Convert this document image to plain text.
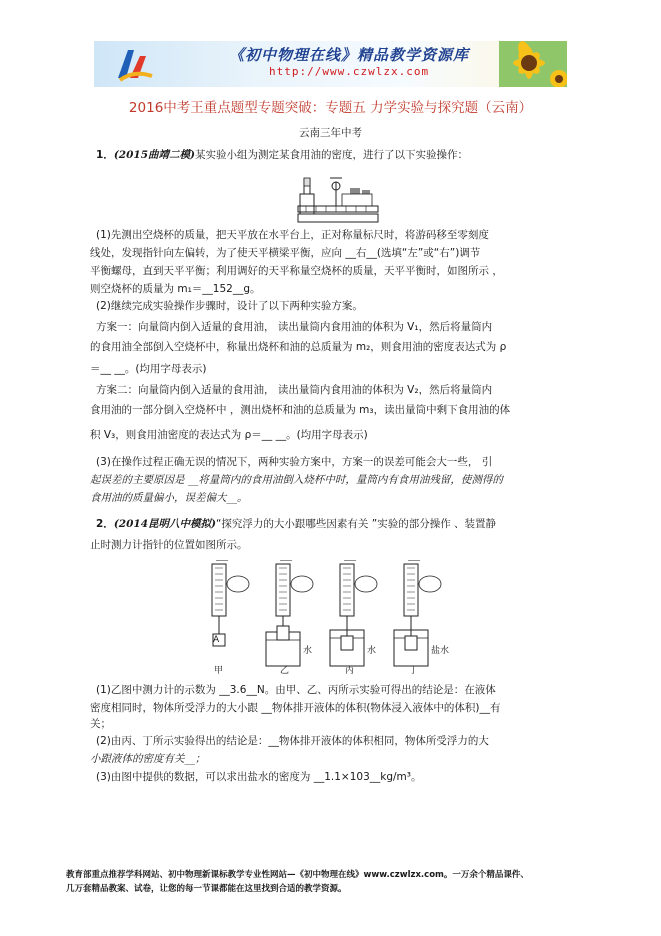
《初中物理在线》精品教学资源库
http://www.czwlzx.com
2016中考王重点题型专题突破：专题五 力学实验与探究题（云南）
云南三年中考
1．(2015曲靖二模)某实验小组为测定某食用油的密度，进行了以下实验操作：
(1)先测出空烧杯的质量，把天平放在水平台上，正对称量标尺时，将游码移至零刻度
线处，发现指针向左偏转，为了使天平横梁平衡，应向 __右__(选填“左”或“右”)调节
平衡螺母，直到天平平衡；利用调好的天平称量空烧杯的质量，天平平衡时，如图所示 ，
则空烧杯的质量为 m₁＝__152__g。
(2)继续完成实验操作步骤时，设计了以下两种实验方案。
方案一：向量筒内倒入适量的食用油， 读出量筒内食用油的体积为 V₁，然后将量筒内
的食用油全部倒入空烧杯中，称量出烧杯和油的总质量为 m₂，则食用油的密度表达式为 ρ
＝__ __。(均用字母表示)
方案二：向量筒内倒入适量的食用油， 读出量筒内食用油的体积为 V₂，然后将量筒内
食用油的一部分倒入空烧杯中 ，测出烧杯和油的总质量为 m₃，读出量筒中剩下食用油的体
积 V₃，则食用油密度的表达式为 ρ＝__ __。(均用字母表示)
(3)在操作过程正确无误的情况下，两种实验方案中，方案一的误差可能会大一些， 引
起误差的主要原因是 __将量筒内的食用油倒入烧杯中时，量筒内有食用油残留，使测得的
食用油的质量偏小，误差偏大__。
2．(2014昆明八中模拟)“探究浮力的大小跟哪些因素有关 ”实验的部分操作 、装置静
止时测力计指针的位置如图所示。
A
水	水	盐水
甲	乙	丙	丁
(1)乙图中测力计的示数为 __3.6__N。由甲、乙、丙所示实验可得出的结论是：在液体
密度相同时，物体所受浮力的大小跟 __物体排开液体的体积(物体浸入液体中的体积)__有
关；
(2)由丙、丁所示实验得出的结论是：__物体排开液体的体积相同，物体所受浮力的大
小跟液体的密度有关__；
(3)由图中提供的数据，可以求出盐水的密度为 __1.1×103__kg/m³。
教育部重点推荐学科网站、初中物理新课标教学专业性网站—《初中物理在线》www.czwlzx.com。一万余个精品课件、
几万套精品教案、试卷，让您的每一节课都能在这里找到合适的教学资源。
